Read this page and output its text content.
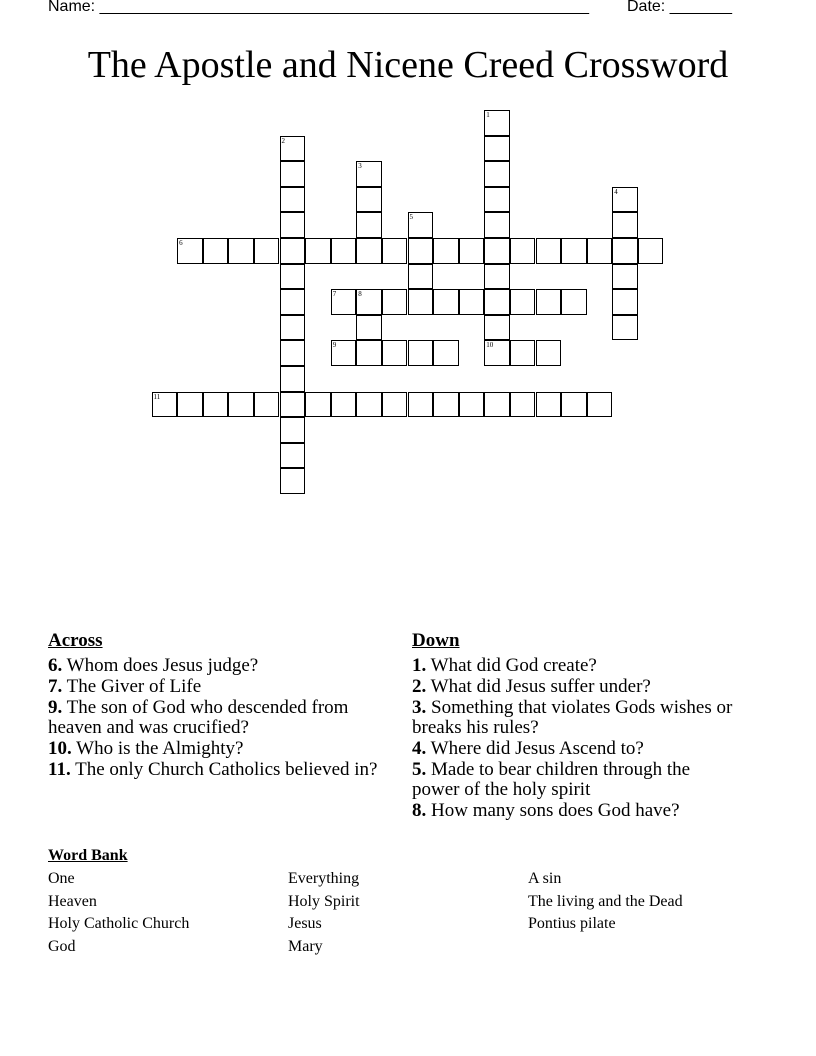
Name: _______________________________________________________ Date: _______
The Apostle and Nicene Creed Crossword
1
2
3
4
5
6
7	8
9	10
11
Across
6. Whom does Jesus judge?
7. The Giver of Life
9. The son of God who descended from heaven and was crucified?
10. Who is the Almighty?
11. The only Church Catholics believed in?
Down
1. What did God create?
2. What did Jesus suffer under?
3. Something that violates Gods wishes or breaks his rules?
4. Where did Jesus Ascend to?
5. Made to bear children through the power of the holy spirit
8. How many sons does God have?
Word Bank
One
Heaven
Holy Catholic Church
God
Everything
Holy Spirit
Jesus
Mary
A sin
The living and the Dead
Pontius pilate
